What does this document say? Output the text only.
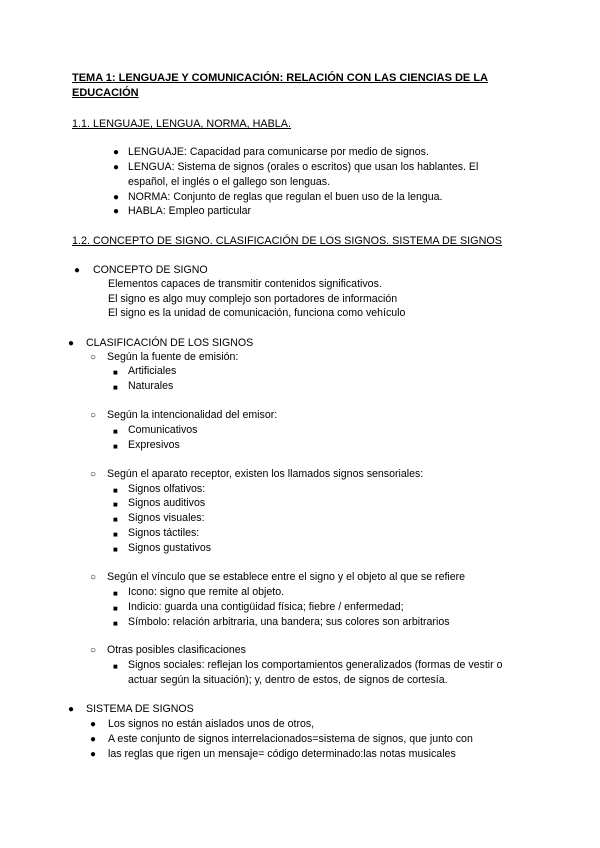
TEMA 1: LENGUAJE Y COMUNICACIÓN: RELACIÓN CON LAS CIENCIAS DE LA EDUCACIÓN
1.1. LENGUAJE, LENGUA, NORMA, HABLA.
● LENGUAJE: Capacidad para comunicarse por medio de signos.
● LENGUA: Sistema de signos (orales o escritos) que usan los hablantes. El español, el inglés o el gallego son lenguas.
● NORMA: Conjunto de reglas que regulan el buen uso de la lengua.
● HABLA: Empleo particular
1.2. CONCEPTO DE SIGNO. CLASIFICACIÓN DE LOS SIGNOS. SISTEMA DE SIGNOS
● CONCEPTO DE SIGNO
Elementos capaces de transmitir contenidos significativos.
El signo es algo muy complejo son portadores de información
El signo es la unidad de comunicación, funciona como vehículo
● CLASIFICACIÓN DE LOS SIGNOS
○ Según la fuente de emisión:
■ Artificiales
■ Naturales
○ Según la intencionalidad del emisor:
■ Comunicativos
■ Expresivos
○ Según el aparato receptor, existen los llamados signos sensoriales:
■ Signos olfativos:
■ Signos auditivos
■ Signos visuales:
■ Signos táctiles:
■ Signos gustativos
○ Según el vínculo que se establece entre el signo y el objeto al que se refiere
■ Icono: signo que remite al objeto.
■ Indicio: guarda una contigüidad física; fiebre / enfermedad;
■ Símbolo: relación arbitraria, una bandera; sus colores son arbitrarios
○ Otras posibles clasificaciones
■ Signos sociales: reflejan los comportamientos generalizados (formas de vestir o actuar según la situación); y, dentro de estos, de signos de cortesía.
● SISTEMA DE SIGNOS
● Los signos no están aislados unos de otros,
● A este conjunto de signos interrelacionados=sistema de signos, que junto con
● las reglas que rigen un mensaje= código determinado:las notas musicales
